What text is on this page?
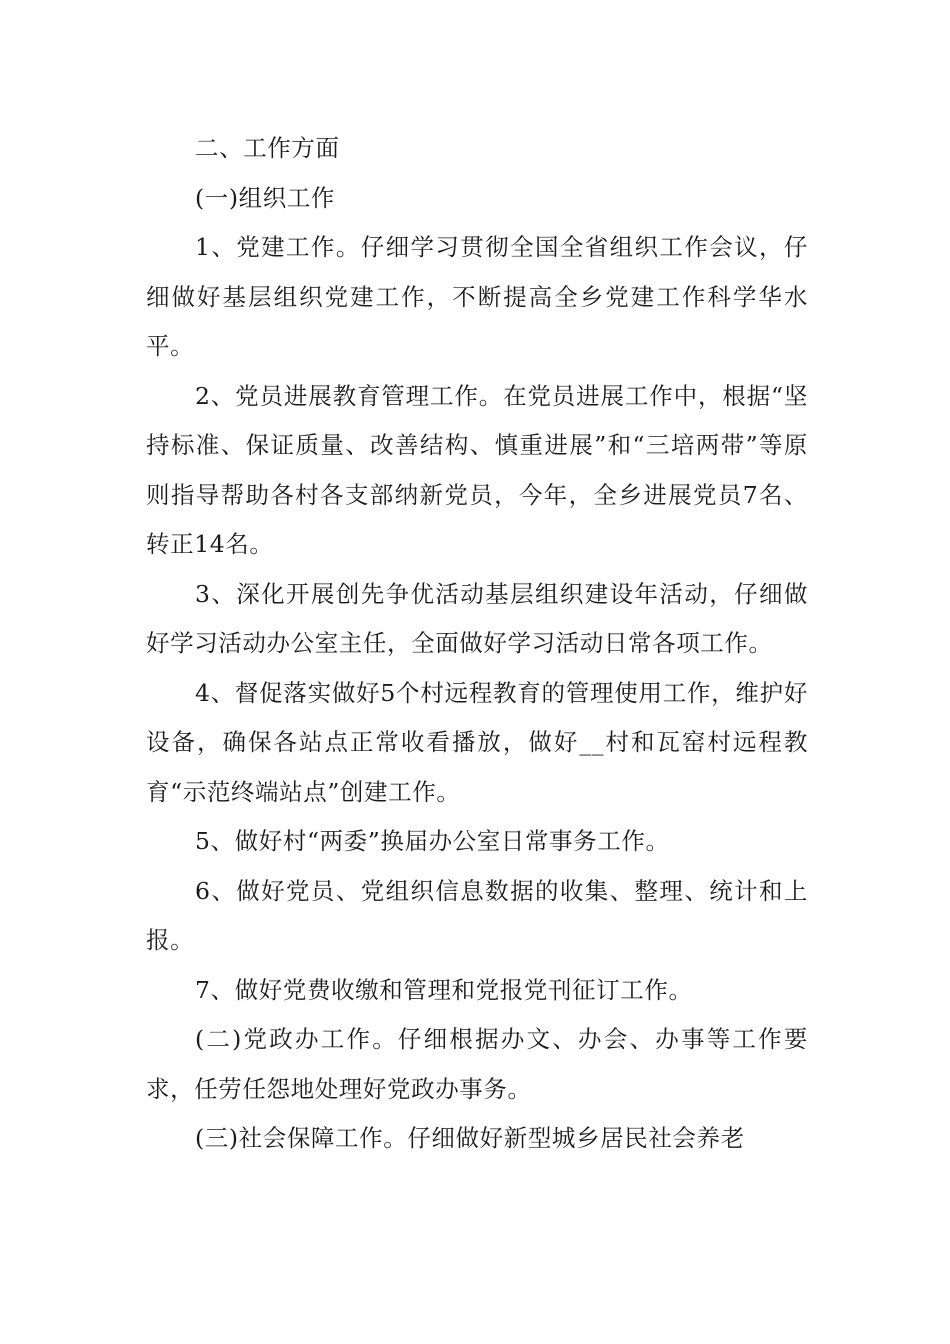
二、工作方面

(一)组织工作

1、党建工作。仔细学习贯彻全国全省组织工作会议，仔细做好基层组织党建工作，不断提高全乡党建工作科学华水平。

2、党员进展教育管理工作。在党员进展工作中，根据“坚持标准、保证质量、改善结构、慎重进展”和“三培两带”等原则指导帮助各村各支部纳新党员，今年，全乡进展党员7名、转正14名。

3、深化开展创先争优活动基层组织建设年活动，仔细做好学习活动办公室主任，全面做好学习活动日常各项工作。

4、督促落实做好5个村远程教育的管理使用工作，维护好设备，确保各站点正常收看播放，做好__村和瓦窑村远程教育“示范终端站点”创建工作。

5、做好村“两委”换届办公室日常事务工作。

6、做好党员、党组织信息数据的收集、整理、统计和上报。

7、做好党费收缴和管理和党报党刊征订工作。

(二)党政办工作。仔细根据办文、办会、办事等工作要求，任劳任怨地处理好党政办事务。

(三)社会保障工作。仔细做好新型城乡居民社会养老
